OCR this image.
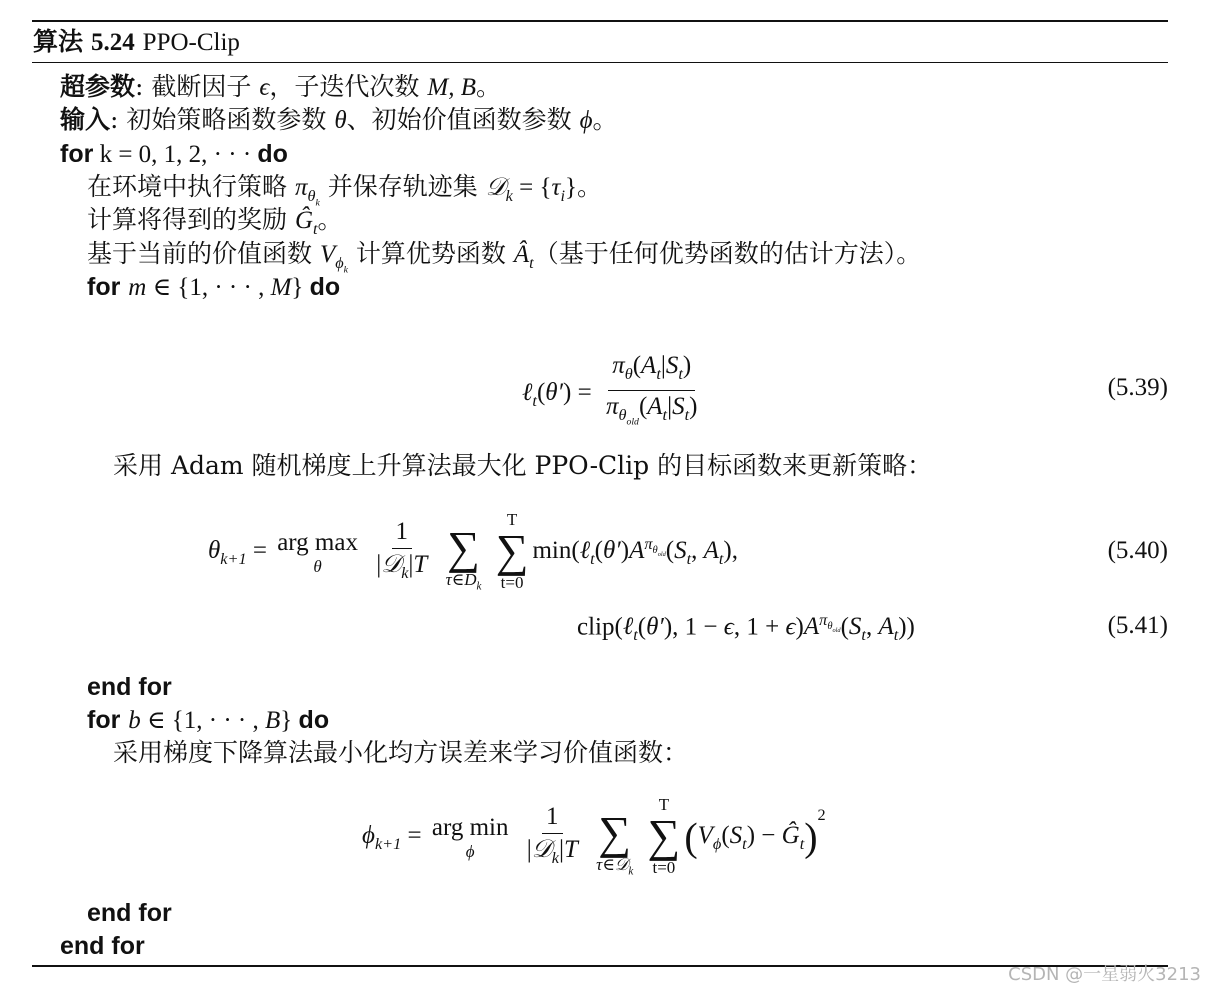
算法 5.24 PPO-Clip
超参数: 截断因子 ϵ，子迭代次数 M, B。
输入: 初始策略函数参数 θ、初始价值函数参数 ϕ。
for k = 0, 1, 2, · · · do
在环境中执行策略 $\pi_{\theta_k}$ 并保存轨迹集 𝒟$_k$ = $\{\tau_i\}$。
计算将得到的奖励 $Ĝ_t$。
基于当前的价值函数 $V_{\phi_k}$ 计算优势函数 $Â_t$（基于任何优势函数的估计方法）。
for m ∈ {1, · · · , M} do
ℓ$_t$(θ′) = $\frac{\pi_\theta(A_t|S_t)}{\pi_{\theta_{old}}(A_t|S_t)}$	(5.39)
采用 Adam 随机梯度上升算法最大化 PPO-Clip 的目标函数来更新策略：
$\theta_{k+1}$ = arg max
θ
$\frac{1}{|𝒟_k|T}$

∑
$\tau\in D_k$

T
∑
t=0
$\min(\ell_t(\theta')A^{\pi_{\theta_{old}}}(S_t$, $A_t$),	(5.40)
clip(ℓ$_t$(θ′), 1 − ϵ, $1 + \epsilon)A^{\pi_{\theta_{old}}}(S_t$, $A_t$))	(5.41)
end for
for b ∈ {1, · · · , B} do
采用梯度下降算法最小化均方误差来学习价值函数：
$\phi_{k+1}$ = arg min
ϕ
$\frac{1}{|𝒟_k|T}$

∑
τ∈𝒟$_k$

T
∑
t=0
($V_\phi(S_t)$ − $Ĝ_t)^2$
end for
end for
CSDN @一星弱火3213
